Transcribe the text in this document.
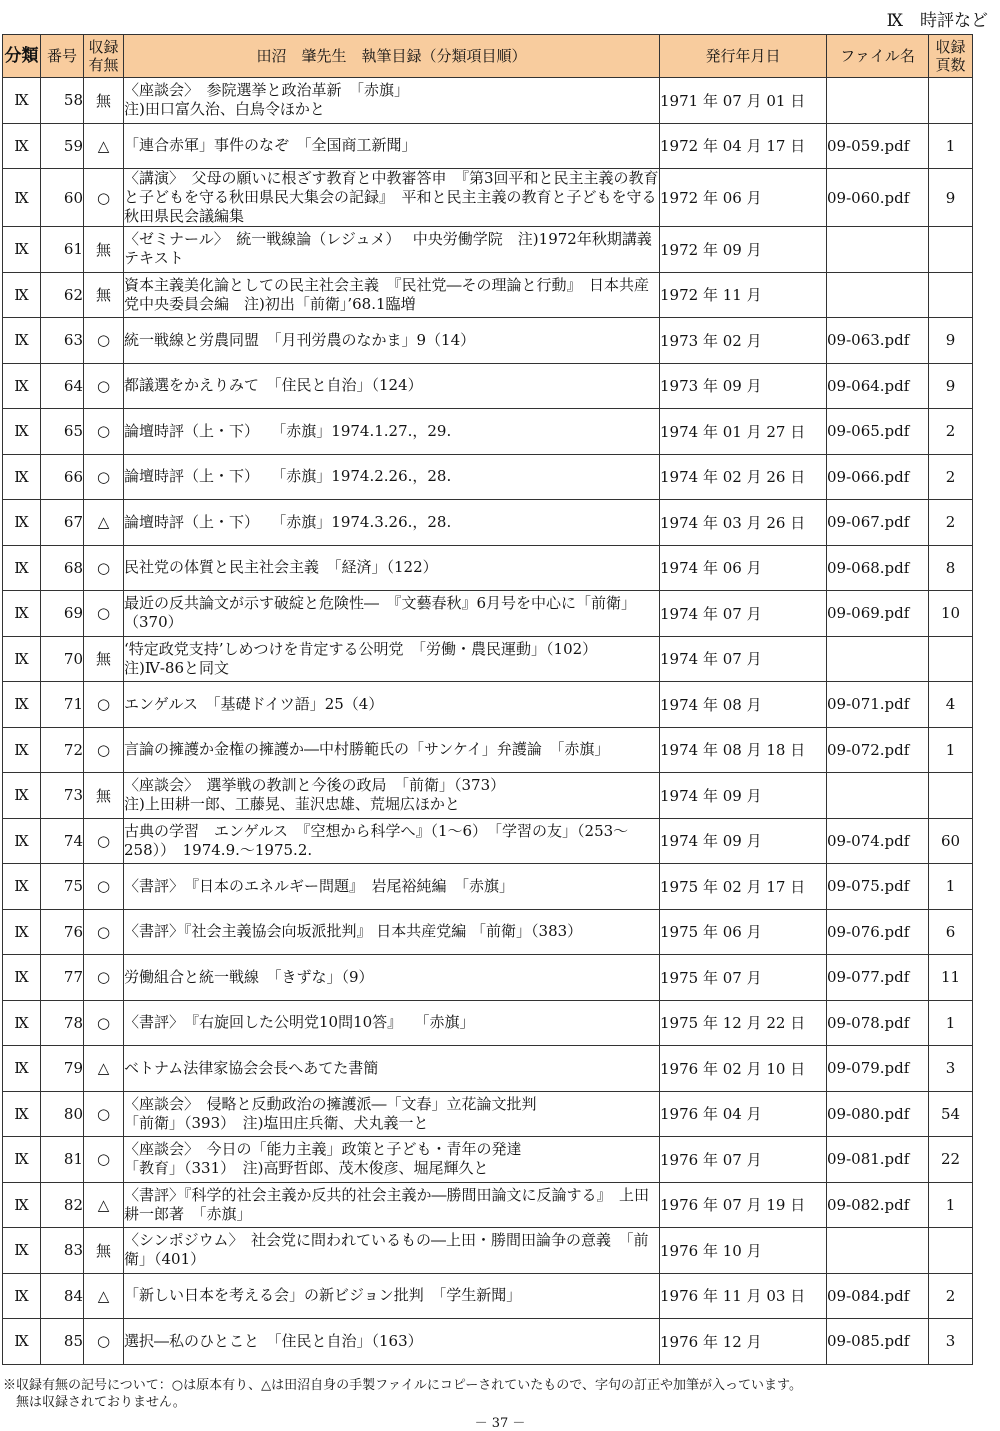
Ⅸ　時評など
分類	番号	収録
有無	田沼　肇先生　執筆目録（分類項目順）	発行年月日	ファイル名	収録
頁数
Ⅸ	58	無	〈座談会〉　参院選挙と政治革新　「赤旗」
注)田口富久治、白鳥令ほかと	1971 年 07 月 01 日		
Ⅸ	59	△	「連合赤軍」事件のなぞ　「全国商工新聞」	1972 年 04 月 17 日	09-059.pdf	1
Ⅸ	60	○	〈講演〉　父母の願いに根ざす教育と中教審答申　『第3回平和と民主主義の教育と子どもを守る秋田県民大集会の記録』　平和と民主主義の教育と子どもを守る秋田県民会議編集	1972 年 06 月	09-060.pdf	9
Ⅸ	61	無	〈ゼミナール〉　統一戦線論（レジュメ）　 中央労働学院　注)1972年秋期講義テキスト	1972 年 09 月		
Ⅸ	62	無	資本主義美化論としての民主社会主義　『民社党―その理論と行動』　日本共産党中央委員会編　注)初出「前衛」’68.1臨増	1972 年 11 月		
Ⅸ	63	○	統一戦線と労農同盟　「月刊労農のなかま」9（14）	1973 年 02 月	09-063.pdf	9
Ⅸ	64	○	都議選をかえりみて　「住民と自治」（124）	1973 年 09 月	09-064.pdf	9
Ⅸ	65	○	論壇時評（上・下）　 「赤旗」1974.1.27.，29.	1974 年 01 月 27 日	09-065.pdf	2
Ⅸ	66	○	論壇時評（上・下）　 「赤旗」1974.2.26.，28.	1974 年 02 月 26 日	09-066.pdf	2
Ⅸ	67	△	論壇時評（上・下）　 「赤旗」1974.3.26.，28.	1974 年 03 月 26 日	09-067.pdf	2
Ⅸ	68	○	民社党の体質と民主社会主義　「経済」（122）	1974 年 06 月	09-068.pdf	8
Ⅸ	69	○	最近の反共論文が示す破綻と危険性―　『文藝春秋』6月号を中心に「前衛」（370）	1974 年 07 月	09-069.pdf	10
Ⅸ	70	無	‘特定政党支持’しめつけを肯定する公明党　「労働・農民運動」（102）　注)Ⅳ-86と同文	1974 年 07 月		
Ⅸ	71	○	エンゲルス　「基礎ドイツ語」25（4）	1974 年 08 月	09-071.pdf	4
Ⅸ	72	○	言論の擁護か金権の擁護か―中村勝範氏の「サンケイ」弁護論　「赤旗」	1974 年 08 月 18 日	09-072.pdf	1
Ⅸ	73	無	〈座談会〉　選挙戦の教訓と今後の政局　「前衛」（373）
注)上田耕一郎、工藤晃、韮沢忠雄、荒堀広ほかと	1974 年 09 月		
Ⅸ	74	○	古典の学習　エンゲルス　『空想から科学へ』（1～6）　「学習の友」（253～258））　1974.9.～1975.2.	1974 年 09 月	09-074.pdf	60
Ⅸ	75	○	〈書評〉　『日本のエネルギー問題』　岩尾裕純編　「赤旗」	1975 年 02 月 17 日	09-075.pdf	1
Ⅸ	76	○	〈書評〉『社会主義協会向坂派批判』 日本共産党編 「前衛」（383）	1975 年 06 月	09-076.pdf	6
Ⅸ	77	○	労働組合と統一戦線　「きずな」（9）	1975 年 07 月	09-077.pdf	11
Ⅸ	78	○	〈書評〉　『右旋回した公明党10問10答』　 「赤旗」	1975 年 12 月 22 日	09-078.pdf	1
Ⅸ	79	△	ベトナム法律家協会会長へあてた書簡	1976 年 02 月 10 日	09-079.pdf	3
Ⅸ	80	○	〈座談会〉　侵略と反動政治の擁護派―「文春」立花論文批判
「前衛」（393）　注)塩田庄兵衛、犬丸義一と	1976 年 04 月	09-080.pdf	54
Ⅸ	81	○	〈座談会〉　今日の「能力主義」政策と子ども・青年の発達
「教育」（331）　注)高野哲郎、茂木俊彦、堀尾輝久と	1976 年 07 月	09-081.pdf	22
Ⅸ	82	△	〈書評〉『科学的社会主義か反共的社会主義か―勝間田論文に反論する』　上田耕一郎著　「赤旗」	1976 年 07 月 19 日	09-082.pdf	1
Ⅸ	83	無	〈シンポジウム〉　社会党に問われているもの―上田・勝間田論争の意義　「前衛」（401）	1976 年 10 月		
Ⅸ	84	△	「新しい日本を考える会」の新ビジョン批判　「学生新聞」	1976 年 11 月 03 日	09-084.pdf	2
Ⅸ	85	○	選択―私のひとこと　「住民と自治」（163）	1976 年 12 月	09-085.pdf	3
※収録有無の記号について：○は原本有り、△は田沼自身の手製ファイルにコピーされていたもので、字句の訂正や加筆が入っています。
無は収録されておりません。
－ 37 －
